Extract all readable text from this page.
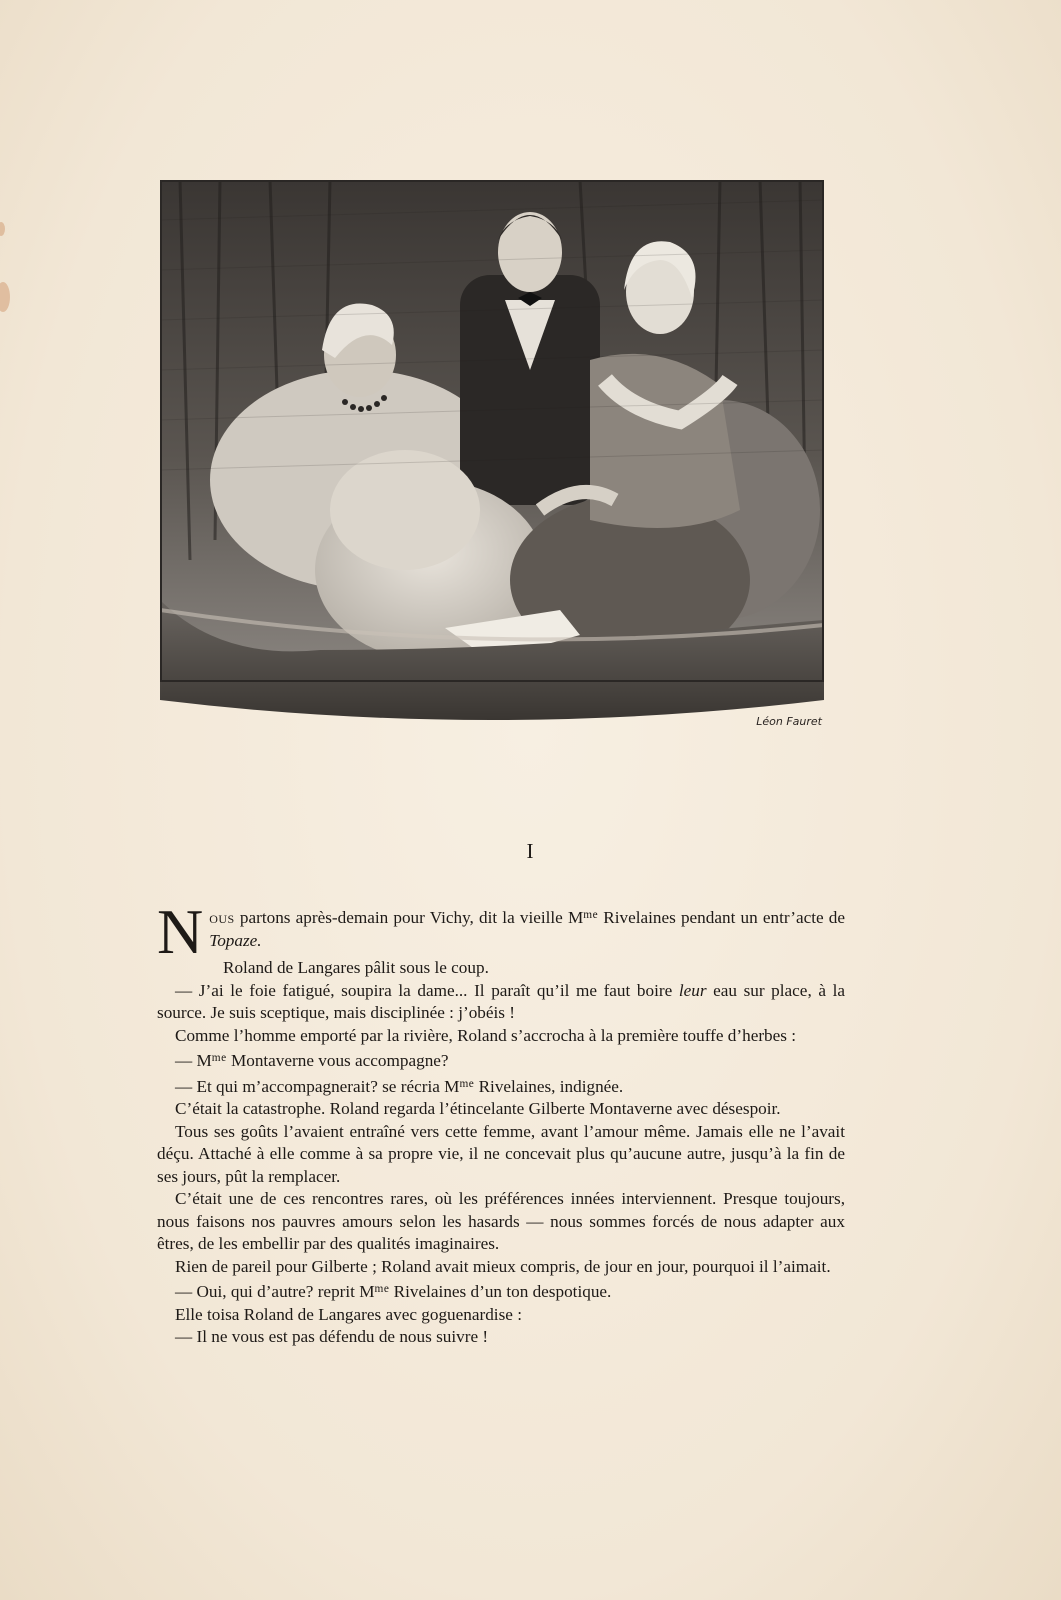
Léon Fauret
I

Nous partons après-demain pour Vichy, dit la vieille $M^{me}$ Rivelaines pendant un entr’acte de Topaze.

Roland de Langares pâlit sous le coup.

— J’ai le foie fatigué, soupira la dame... Il paraît qu’il me faut boire leur eau sur place, à la source. Je suis sceptique, mais disciplinée : j’obéis !

Comme l’homme emporté par la rivière, Roland s’accrocha à la première touffe d’herbes :

— $M^{me}$ Montaverne vous accompagne?

— Et qui m’accompagnerait? se récria $M^{me}$ Rivelaines, indignée.

C’était la catastrophe. Roland regarda l’étincelante Gilberte Montaverne avec désespoir.

Tous ses goûts l’avaient entraîné vers cette femme, avant l’amour même. Jamais elle ne l’avait déçu. Attaché à elle comme à sa propre vie, il ne concevait plus qu’aucune autre, jusqu’à la fin de ses jours, pût la remplacer.

C’était une de ces rencontres rares, où les préférences innées interviennent. Presque toujours, nous faisons nos pauvres amours selon les hasards — nous sommes forcés de nous adapter aux êtres, de les embellir par des qualités imaginaires.

Rien de pareil pour Gilberte ; Roland avait mieux compris, de jour en jour, pourquoi il l’aimait.

— Oui, qui d’autre? reprit $M^{me}$ Rivelaines d’un ton despotique.

Elle toisa Roland de Langares avec goguenardise :

— Il ne vous est pas défendu de nous suivre !
